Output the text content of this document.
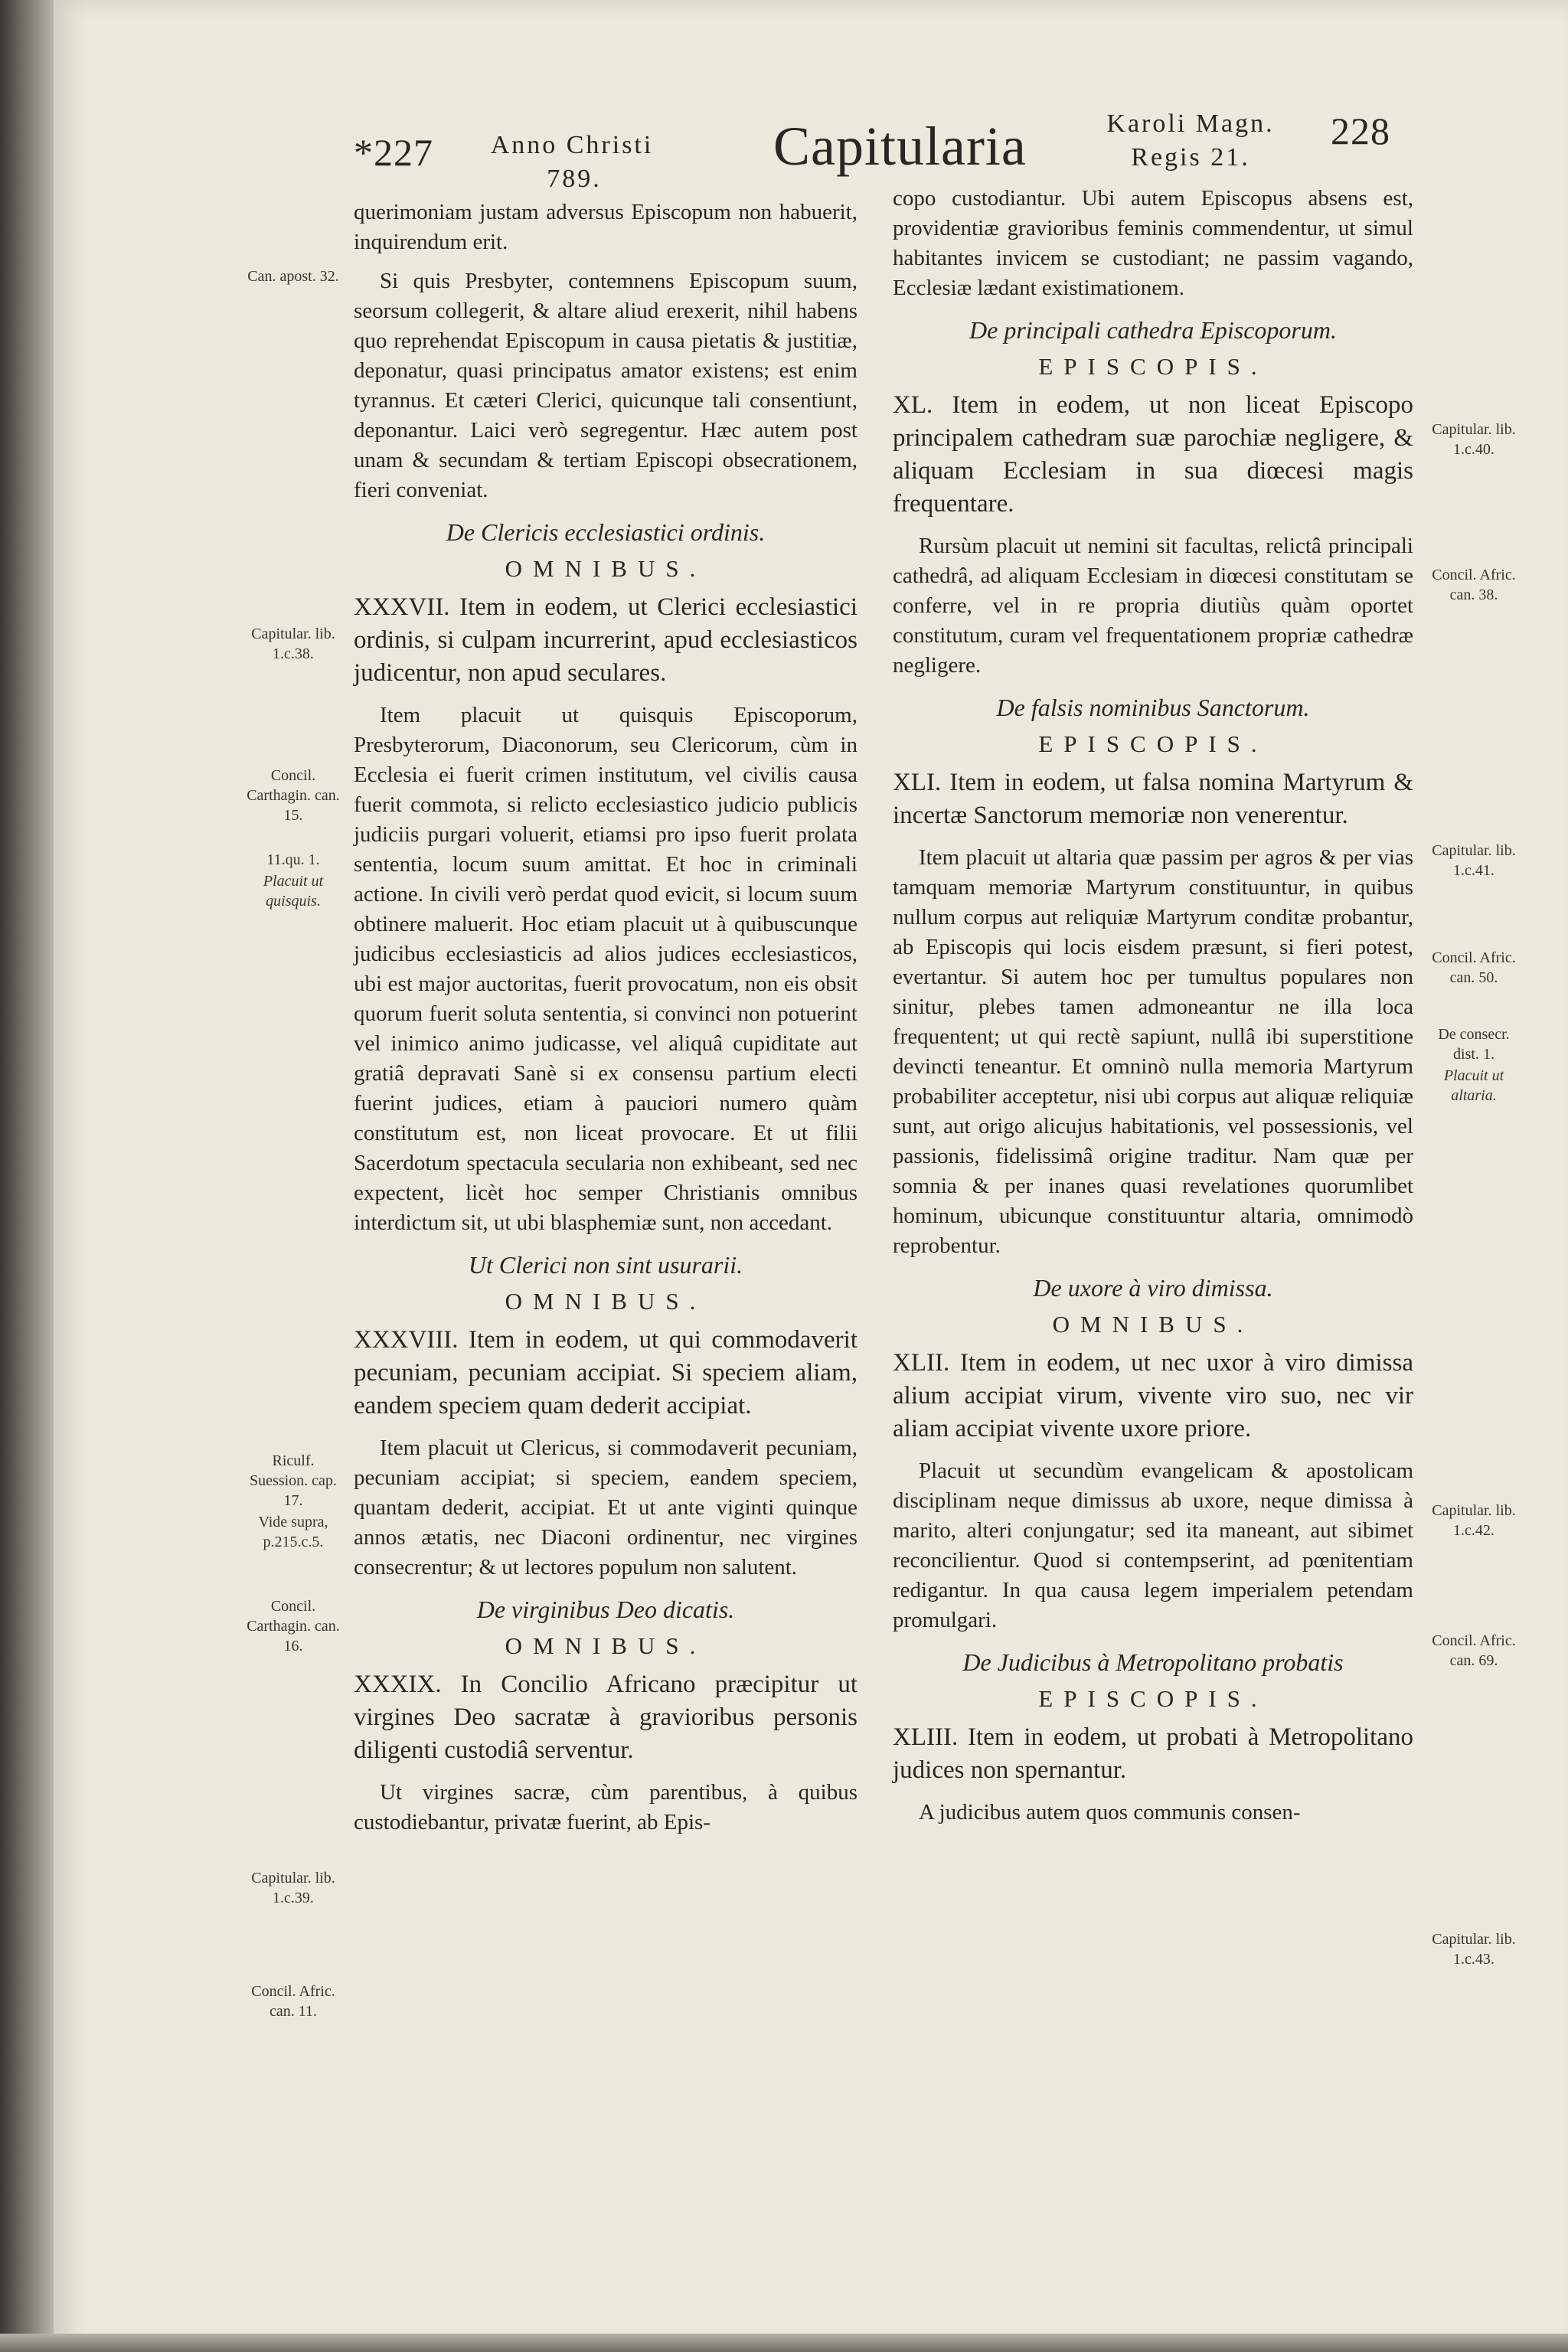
*227	Anno Christi
789.
Capitularia	Karoli Magn.
Regis 21.
228

querimoniam justam adversus Episcopum non habuerit, inquirendum erit.

Si quis Presbyter, contemnens Episcopum suum, seorsum collegerit, & altare aliud erexerit, nihil habens quo reprehendat Episcopum in causa pietatis & justitiæ, deponatur, quasi principatus amator existens; est enim tyrannus. Et cæteri Clerici, quicunque tali consentiunt, deponantur. Laici verò segregentur. Hæc autem post unam & secundam & tertiam Episcopi obsecrationem, fieri conveniat.

De Clericis ecclesiastici ordinis.

OMNIBUS.

XXXVII. Item in eodem, ut Clerici ecclesiastici ordinis, si culpam incurrerint, apud ecclesiasticos judicentur, non apud seculares.

Item placuit ut quisquis Episcoporum, Presbyterorum, Diaconorum, seu Clericorum, cùm in Ecclesia ei fuerit crimen institutum, vel civilis causa fuerit commota, si relicto ecclesiastico judicio publicis judiciis purgari voluerit, etiamsi pro ipso fuerit prolata sententia, locum suum amittat. Et hoc in criminali actione. In civili verò perdat quod evicit, si locum suum obtinere maluerit. Hoc etiam placuit ut à quibuscunque judicibus ecclesiasticis ad alios judices ecclesiasticos, ubi est major auctoritas, fuerit provocatum, non eis obsit quorum fuerit soluta sententia, si convinci non potuerint vel inimico animo judicasse, vel aliquâ cupiditate aut gratiâ depravati Sanè si ex consensu partium electi fuerint judices, etiam à pauciori numero quàm constitutum est, non liceat provocare. Et ut filii Sacerdotum spectacula secularia non exhibeant, sed nec expectent, licèt hoc semper Christianis omnibus interdictum sit, ut ubi blasphemiæ sunt, non accedant.

Ut Clerici non sint usurarii.

OMNIBUS.

XXXVIII. Item in eodem, ut qui commodaverit pecuniam, pecuniam accipiat. Si speciem aliam, eandem speciem quam dederit accipiat.

Item placuit ut Clericus, si commodaverit pecuniam, pecuniam accipiat; si speciem, eandem speciem, quantam dederit, accipiat. Et ut ante viginti quinque annos ætatis, nec Diaconi ordinentur, nec virgines consecrentur; & ut lectores populum non salutent.

De virginibus Deo dicatis.

OMNIBUS.

XXXIX. In Concilio Africano præcipitur ut virgines Deo sacratæ à gravioribus personis diligenti custodiâ serventur.

Ut virgines sacræ, cùm parentibus, à quibus custodiebantur, privatæ fuerint, ab Epis-

copo custodiantur. Ubi autem Episcopus absens est, providentiæ gravioribus feminis commendentur, ut simul habitantes invicem se custodiant; ne passim vagando, Ecclesiæ lædant existimationem.

De principali cathedra Episcoporum.

EPISCOPIS.

XL. Item in eodem, ut non liceat Episcopo principalem cathedram suæ parochiæ negligere, & aliquam Ecclesiam in sua diœcesi magis frequentare.

Rursùm placuit ut nemini sit facultas, relictâ principali cathedrâ, ad aliquam Ecclesiam in diœcesi constitutam se conferre, vel in re propria diutiùs quàm oportet constitutum, curam vel frequentationem propriæ cathedræ negligere.

De falsis nominibus Sanctorum.

EPISCOPIS.

XLI. Item in eodem, ut falsa nomina Martyrum & incertæ Sanctorum memoriæ non venerentur.

Item placuit ut altaria quæ passim per agros & per vias tamquam memoriæ Martyrum constituuntur, in quibus nullum corpus aut reliquiæ Martyrum conditæ probantur, ab Episcopis qui locis eisdem præsunt, si fieri potest, evertantur. Si autem hoc per tumultus populares non sinitur, plebes tamen admoneantur ne illa loca frequentent; ut qui rectè sapiunt, nullâ ibi superstitione devincti teneantur. Et omninò nulla memoria Martyrum probabiliter acceptetur, nisi ubi corpus aut aliquæ reliquiæ sunt, aut origo alicujus habitationis, vel possessionis, vel passionis, fidelissimâ origine traditur. Nam quæ per somnia & per inanes quasi revelationes quorumlibet hominum, ubicunque constituuntur altaria, omnimodò reprobentur.

De uxore à viro dimissa.

OMNIBUS.

XLII. Item in eodem, ut nec uxor à viro dimissa alium accipiat virum, vivente viro suo, nec vir aliam accipiat vivente uxore priore.

Placuit ut secundùm evangelicam & apostolicam disciplinam neque dimissus ab uxore, neque dimissa à marito, alteri conjungatur; sed ita maneant, aut sibimet reconcilientur. Quod si contempserint, ad pœnitentiam redigantur. In qua causa legem imperialem petendam promulgari.

De Judicibus à Metropolitano probatis

EPISCOPIS.

XLIII. Item in eodem, ut probati à Metropolitano judices non spernantur.

A judicibus autem quos communis consen-

Can. apost. 32.
Capitular. lib. 1.c.38.
Concil. Carthagin. can. 15.
11.qu. 1.
Placuit ut quisquis.
Riculf. Suession. cap. 17.
Vide supra, p.215.c.5.
Concil. Carthagin. can. 16.
Capitular. lib. 1.c.39.
Concil. Afric. can. 11.
Capitular. lib. 1.c.40.
Concil. Afric. can. 38.
Capitular. lib. 1.c.41.
Concil. Afric. can. 50.
De consecr. dist. 1.
Placuit ut altaria.
Capitular. lib. 1.c.42.
Concil. Afric. can. 69.
Capitular. lib. 1.c.43.
